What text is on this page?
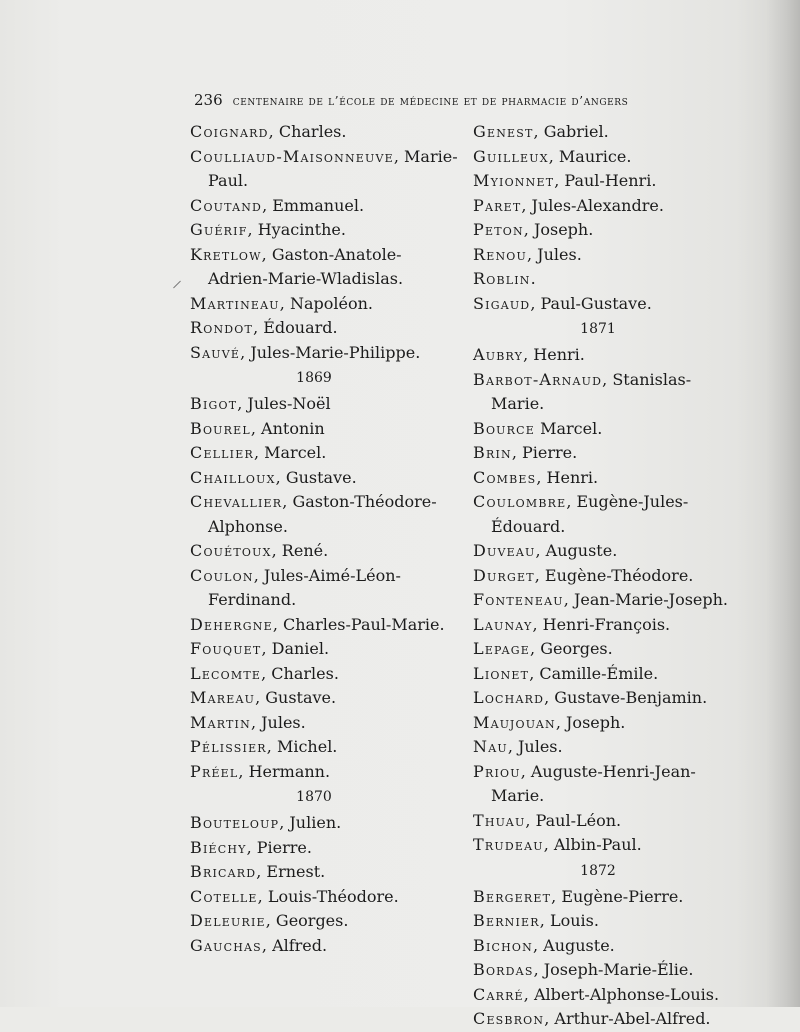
236 centenaire de l’école de médecine et de pharmacie d’angers
Coignard, Charles.
Coulliaud-Maisonneuve, Marie-Paul.
Coutand, Emmanuel.
Guérif, Hyacinthe.
Kretlow, Gaston-Anatole-Adrien-Marie-Wladislas.
Martineau, Napoléon.
Rondot, Édouard.
Sauvé, Jules-Marie-Philippe.
1869
Bigot, Jules-Noël
Bourel, Antonin
Cellier, Marcel.
Chailloux, Gustave.
Chevallier, Gaston-Théodore-Alphonse.
Couétoux, René.
Coulon, Jules-Aimé-Léon-Ferdinand.
Dehergne, Charles-Paul-Marie.
Fouquet, Daniel.
Lecomte, Charles.
Mareau, Gustave.
Martin, Jules.
Pélissier, Michel.
Préel, Hermann.
1870
Bouteloup, Julien.
Biéchy, Pierre.
Bricard, Ernest.
Cotelle, Louis-Théodore.
Deleurie, Georges.
Gauchas, Alfred.
Genest, Gabriel.
Guilleux, Maurice.
Myionnet, Paul-Henri.
Paret, Jules-Alexandre.
Peton, Joseph.
Renou, Jules.
Roblin.
Sigaud, Paul-Gustave.
1871
Aubry, Henri.
Barbot-Arnaud, Stanislas-Marie.
Bource Marcel.
Brin, Pierre.
Combes, Henri.
Coulombre, Eugène-Jules-Édouard.
Duveau, Auguste.
Durget, Eugène-Théodore.
Fonteneau, Jean-Marie-Joseph.
Launay, Henri-François.
Lepage, Georges.
Lionet, Camille-Émile.
Lochard, Gustave-Benjamin.
Maujouan, Joseph.
Nau, Jules.
Priou, Auguste-Henri-Jean-Marie.
Thuau, Paul-Léon.
Trudeau, Albin-Paul.
1872
Bergeret, Eugène-Pierre.
Bernier, Louis.
Bichon, Auguste.
Bordas, Joseph-Marie-Élie.
Carré, Albert-Alphonse-Louis.
Cesbron, Arthur-Abel-Alfred.
